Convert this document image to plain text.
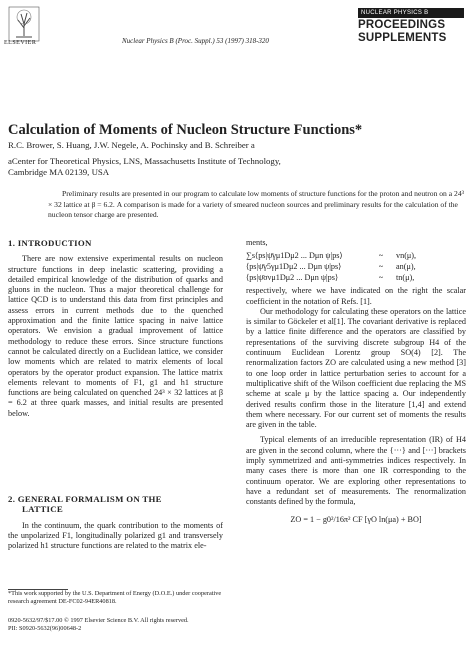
ELSEVIER	Nuclear Physics B (Proc. Suppl.) 53 (1997) 318-320
NUCLEAR PHYSICS B
PROCEEDINGS
SUPPLEMENTS
Calculation of Moments of Nucleon Structure Functions*
R.C. Brower, S. Huang, J.W. Negele, A. Pochinsky and B. Schreiber a
aCenter for Theoretical Physics, LNS, Massachusetts Institute of Technology,
Cambridge MA 02139, USA
Preliminary results are presented in our program to calculate low moments of structure functions for the proton and neutron on a 24³ × 32 lattice at β = 6.2. A comparison is made for a variety of smeared nucleon sources and preliminary results for the calculation of the nucleon tensor charge are presented.
1. INTRODUCTION

There are now extensive experimental results on nucleon structure functions in deep inelastic scattering, providing a detailed empirical knowledge of the distribution of quarks and gluons in the nucleon. Thus a major theoretical challenge for lattice QCD is to understand this data from first principles and assess errors in current methods due to the quenched approximation and the finite lattice spacing in naive lattice operators. We envision a gradual improvement of lattice methodology to reduce these errors. Since structure functions cannot be calculated directly on a Euclidean lattice, we consider low moments which are related to matrix elements of local operators by the operator product expansion. The lattice matrix elements relevant to moments of F1, g1 and h1 structure functions are being calculated on quenched 24³ × 32 lattices at β = 6.2 at three quark masses, and initial results are presented below.

2. GENERAL FORMALISM ON THE
LATTICE

In the continuum, the quark contribution to the moments of the unpolarized F1, longitudinally polarized g1 and transversely polarized h1 structure functions are related to the matrix ele-

*This work supported by the U.S. Department of Energy (D.O.E.) under cooperative research agreement DE-FC02-94ER40818.
0920-5632/97/$17.00 © 1997 Elsevier Science B.V. All rights reserved.
PII: S0920-5632(96)00648-2
ments,
∑s⟨ps|ψ̄γμ1Dμ2 ... Dμn ψ|ps⟩	~ vn(μ),
⟨ps|ψ̄γ5γμ1Dμ2 ... Dμn ψ|ps⟩	~ an(μ),
⟨ps|ψ̄σνμ1Dμ2 ... Dμn ψ|ps⟩	~ tn(μ),

respectively, where we have indicated on the right the scalar coefficient in the notation of Refs. [1].

Our methodology for calculating these operators on the lattice is similar to Göckeler et al[1]. The covariant derivative is replaced by a lattice finite difference and the operators are classified by representations of the surviving discrete subgroup H4 of the continuum Euclidean Lorentz group SO(4) [2]. The renormalization factors ZO are calculated using a new method [3] to one loop order in lattice perturbation series to account for a multiplicative shift of the Wilson coefficient due replacing the MS scheme at scale μ by the lattice spacing a. Our independently derived results confirm those in the literature [1,4] and extend them where necessary. For our current set of moments the results are given in the table.

Typical elements of an irreducible representation (IR) of H4 are given in the second column, where the {···} and [···] brackets imply symmetrized and anti-symmetries indices respectively. In many cases there is more than one IR corresponding to the continuum operator. We are exploring other representations to have a redundant set of measurements. The renormalization constants defined by the formula,

ZO = 1 − g0²/16π² CF [γO ln(μa) + BO]
